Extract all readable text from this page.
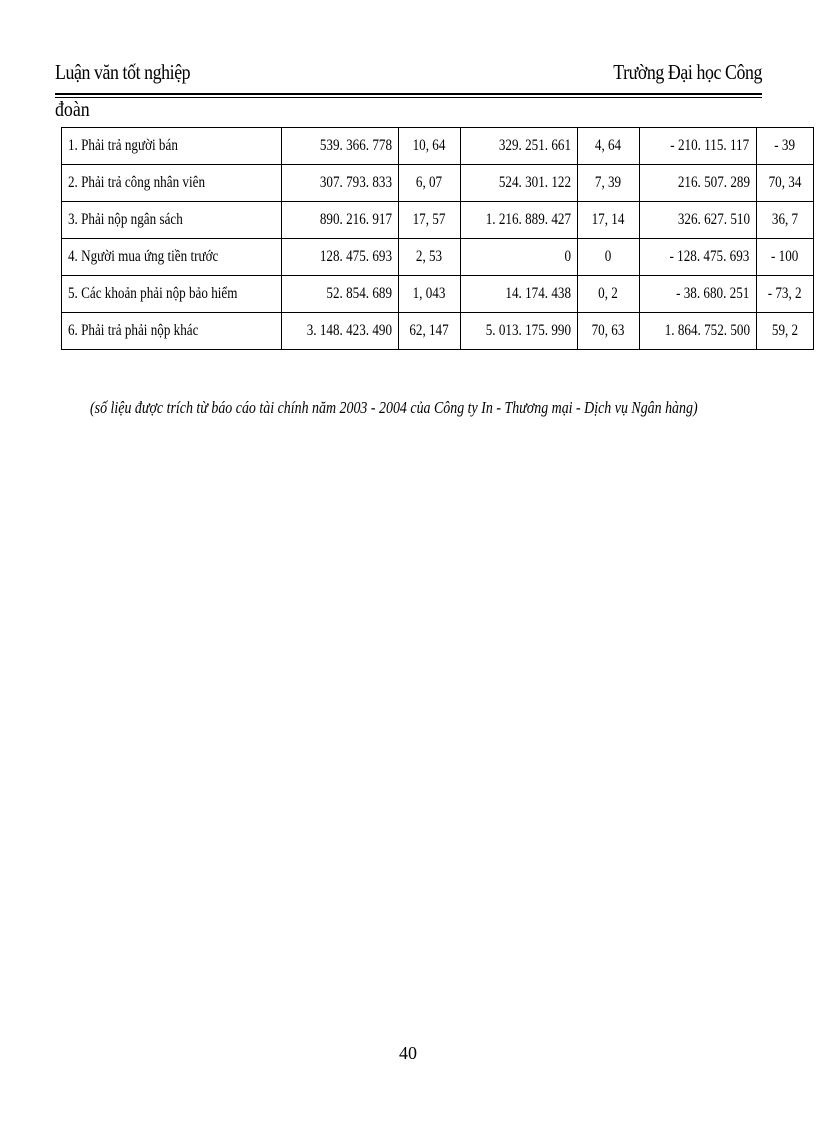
Luận văn tốt nghiệp	Trường Đại học Công
đoàn
1. Phải trả người bán	539. 366. 778	10, 64	329. 251. 661	4, 64	- 210. 115. 117	- 39
2. Phải trả công nhân viên	307. 793. 833	6, 07	524. 301. 122	7, 39	216. 507. 289	70, 34
3. Phải nộp ngân sách	890. 216. 917	17, 57	1. 216. 889. 427	17, 14	326. 627. 510	36, 7
4. Người mua ứng tiền trước	128. 475. 693	2, 53	0	0	- 128. 475. 693	- 100
5. Các khoản phải nộp bảo hiểm	52. 854. 689	1, 043	14. 174. 438	0, 2	- 38. 680. 251	- 73, 2
6. Phải trả phải nộp khác	3. 148. 423. 490	62, 147	5. 013. 175. 990	70, 63	1. 864. 752. 500	59, 2
(số liệu được trích từ báo cáo tài chính năm 2003 - 2004 của Công ty In - Thương mại - Dịch vụ Ngân hàng)
40
